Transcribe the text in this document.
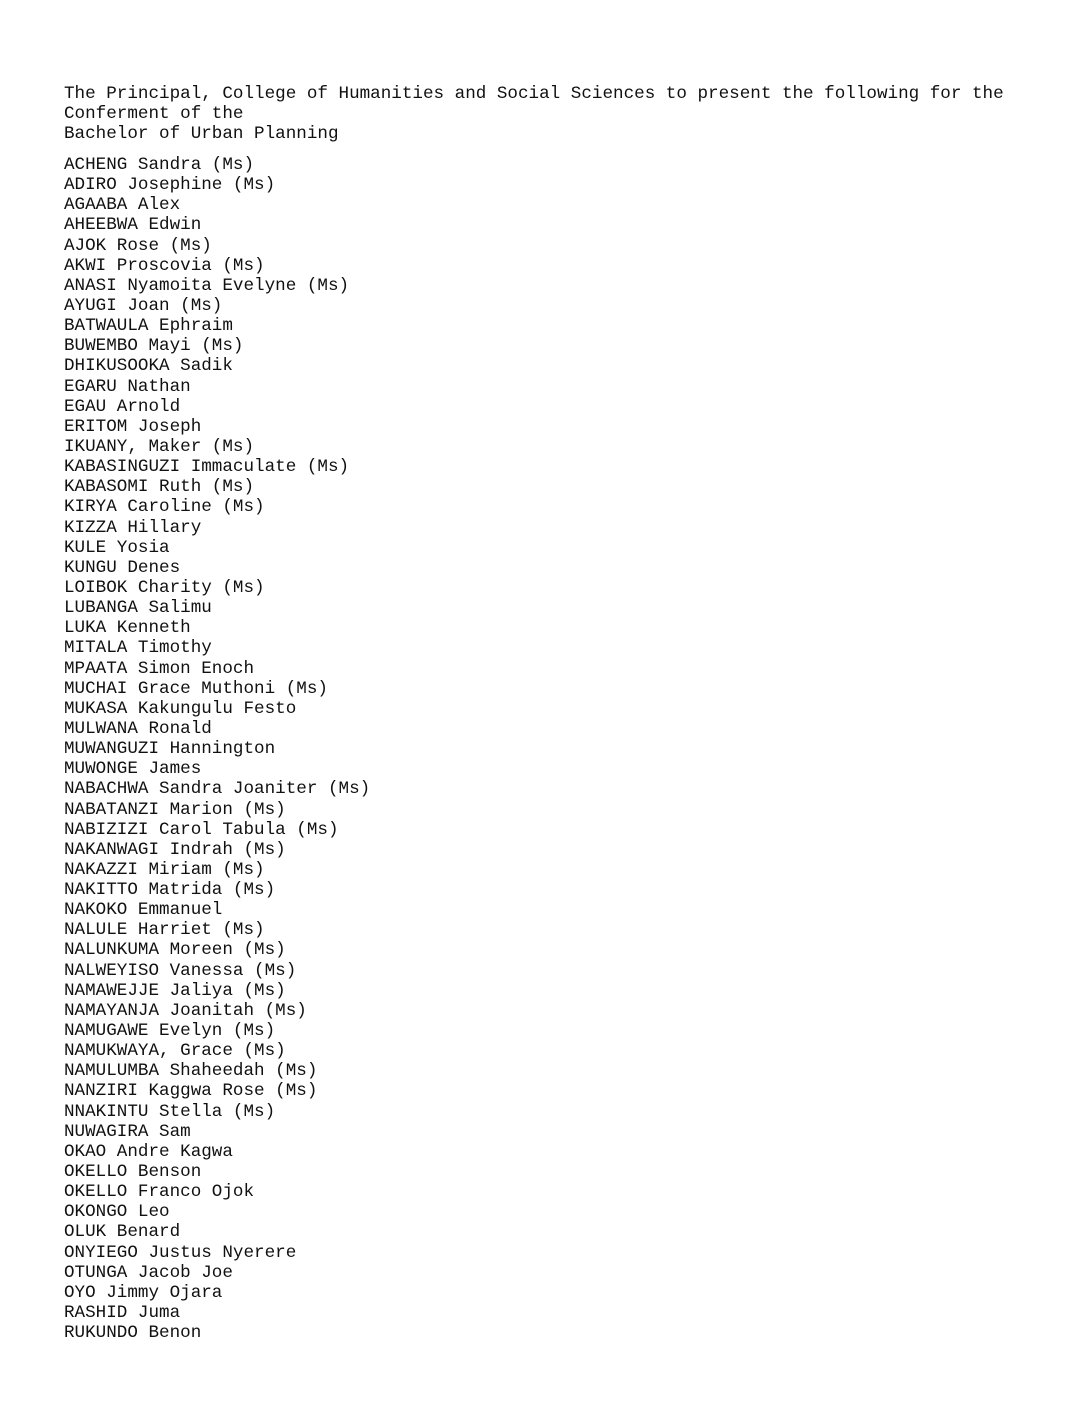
The Principal, College of Humanities and Social Sciences to present the following for the
Conferment of the
Bachelor of Urban Planning
ACHENG Sandra (Ms)
ADIRO Josephine (Ms)
AGAABA Alex
AHEEBWA Edwin
AJOK Rose (Ms)
AKWI Proscovia (Ms)
ANASI Nyamoita Evelyne (Ms)
AYUGI Joan (Ms)
BATWAULA Ephraim
BUWEMBO Mayi (Ms)
DHIKUSOOKA Sadik
EGARU Nathan
EGAU Arnold
ERITOM Joseph
IKUANY, Maker (Ms)
KABASINGUZI Immaculate (Ms)
KABASOMI Ruth (Ms)
KIRYA Caroline (Ms)
KIZZA Hillary
KULE Yosia
KUNGU Denes
LOIBOK Charity (Ms)
LUBANGA Salimu
LUKA Kenneth
MITALA Timothy
MPAATA Simon Enoch
MUCHAI Grace Muthoni (Ms)
MUKASA Kakungulu Festo
MULWANA Ronald
MUWANGUZI Hannington
MUWONGE James
NABACHWA Sandra Joaniter (Ms)
NABATANZI Marion (Ms)
NABIZIZI Carol Tabula (Ms)
NAKANWAGI Indrah (Ms)
NAKAZZI Miriam (Ms)
NAKITTO Matrida (Ms)
NAKOKO Emmanuel
NALULE Harriet (Ms)
NALUNKUMA Moreen (Ms)
NALWEYISO Vanessa (Ms)
NAMAWEJJE Jaliya (Ms)
NAMAYANJA Joanitah (Ms)
NAMUGAWE Evelyn (Ms)
NAMUKWAYA, Grace (Ms)
NAMULUMBA Shaheedah (Ms)
NANZIRI Kaggwa Rose (Ms)
NNAKINTU Stella (Ms)
NUWAGIRA Sam
OKAO Andre Kagwa
OKELLO Benson
OKELLO Franco Ojok
OKONGO Leo
OLUK Benard
ONYIEGO Justus Nyerere
OTUNGA Jacob Joe
OYO Jimmy Ojara
RASHID Juma
RUKUNDO Benon
